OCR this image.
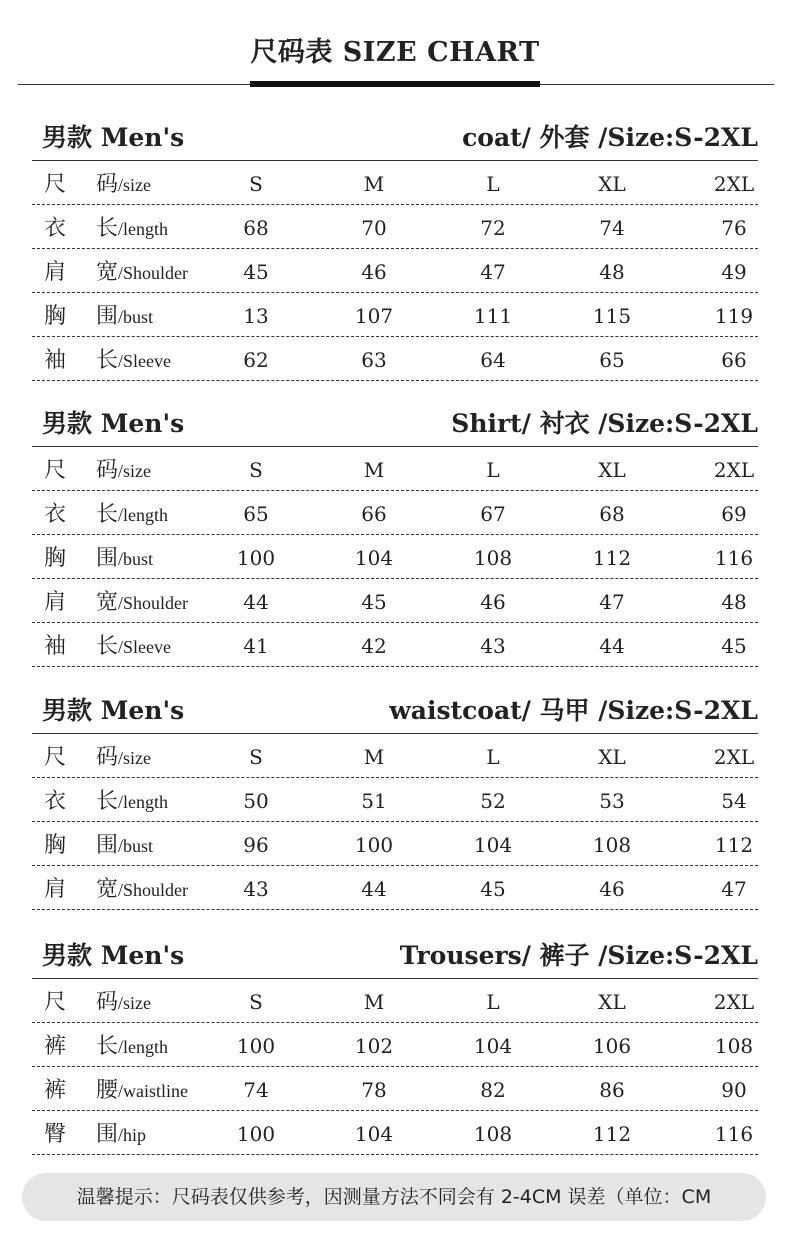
尺码表 SIZE CHART
男款 Men's	coat/ 外套 /Size:S-2XL
尺 码/size	S	M	L	XL	2XL
衣 长/length	68	70	72	74	76
肩 宽/Shoulder	45	46	47	48	49
胸 围/bust	13	107	111	115	119
袖 长/Sleeve	62	63	64	65	66
男款 Men's	Shirt/ 衬衣 /Size:S-2XL
尺 码/size	S	M	L	XL	2XL
衣 长/length	65	66	67	68	69
胸 围/bust	100	104	108	112	116
肩 宽/Shoulder	44	45	46	47	48
袖 长/Sleeve	41	42	43	44	45
男款 Men's	waistcoat/ 马甲 /Size:S-2XL
尺 码/size	S	M	L	XL	2XL
衣 长/length	50	51	52	53	54
胸 围/bust	96	100	104	108	112
肩 宽/Shoulder	43	44	45	46	47
男款 Men's	Trousers/ 裤子 /Size:S-2XL
尺 码/size	S	M	L	XL	2XL
裤 长/length	100	102	104	106	108
裤 腰/waistline	74	78	82	86	90
臀 围/hip	100	104	108	112	116
温馨提示：尺码表仅供参考，因测量方法不同会有 2-4CM 误差（单位：CM
